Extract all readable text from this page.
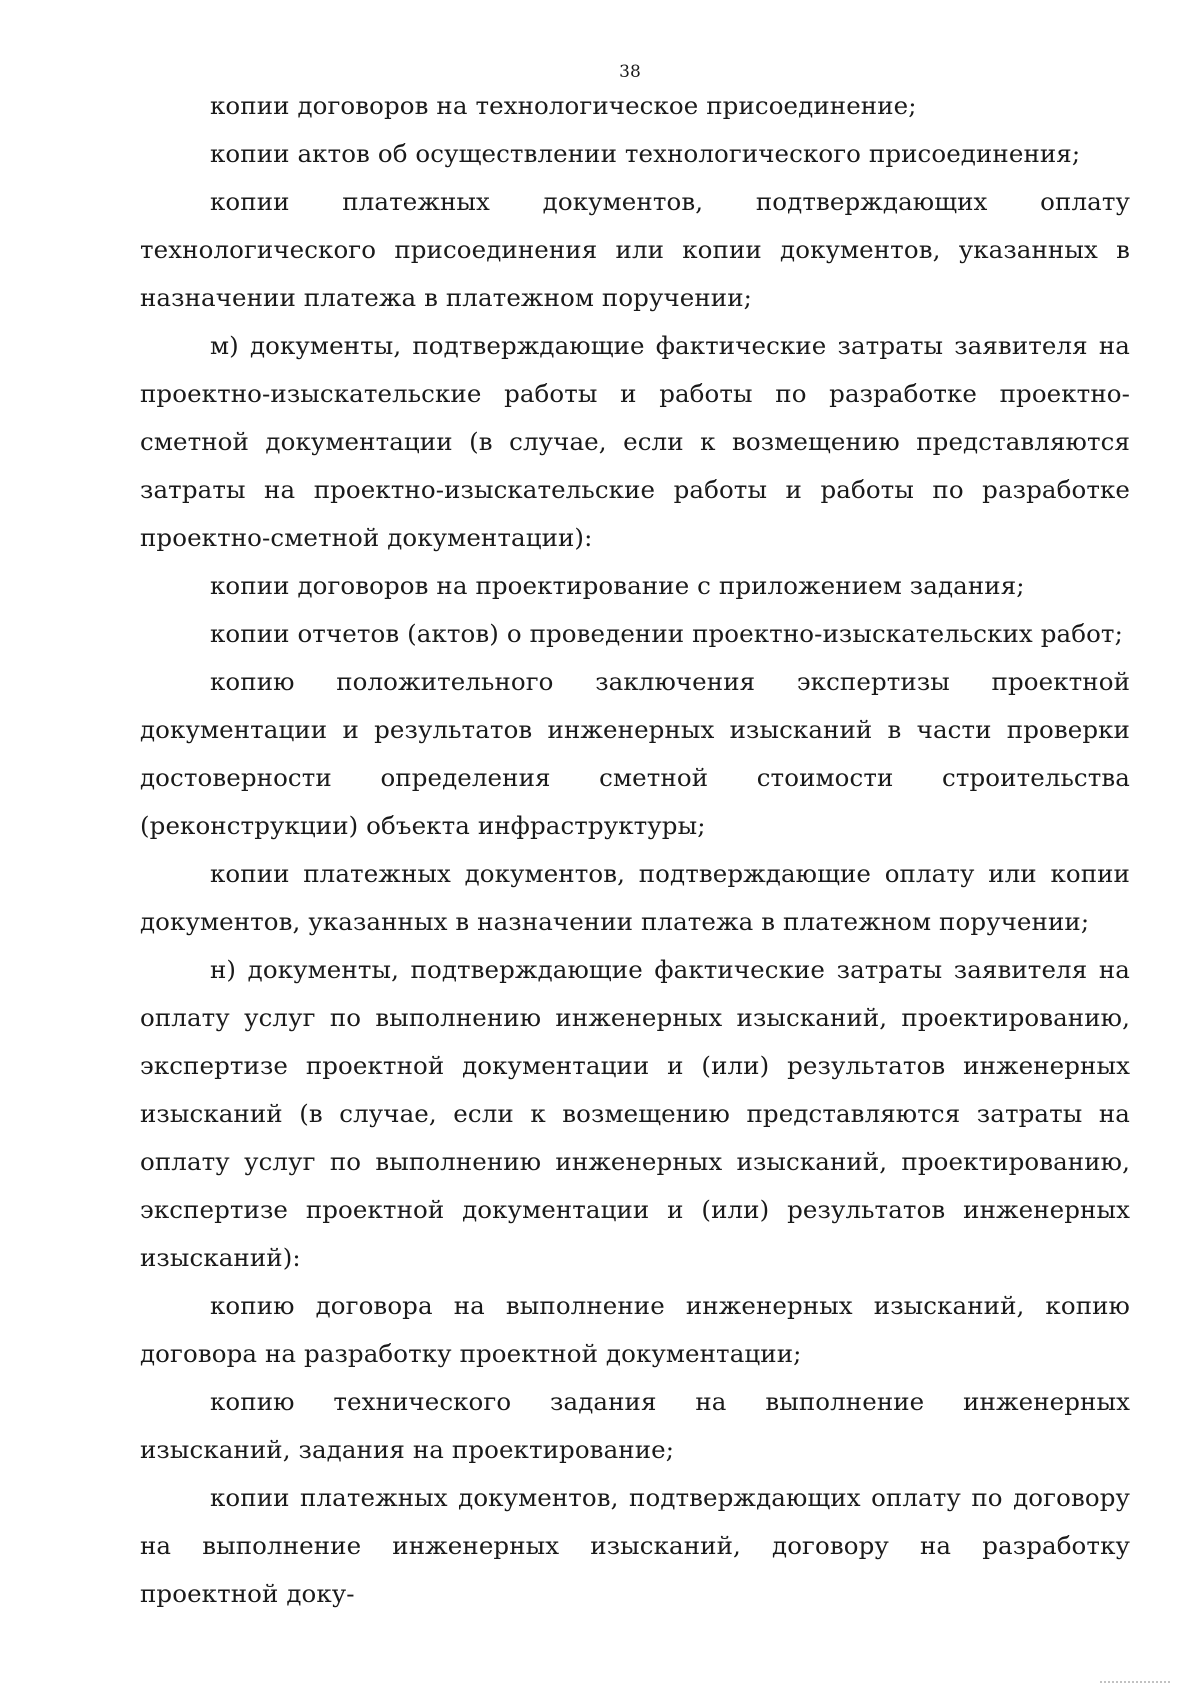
38

копии договоров на технологическое присоединение;

копии актов об осуществлении технологического присоединения;

копии платежных документов, подтверждающих оплату технологического присоединения или копии документов, указанных в назначении платежа в платежном поручении;

м) документы, подтверждающие фактические затраты заявителя на проектно-изыскательские работы и работы по разработке проектно-сметной документации (в случае, если к возмещению представляются затраты на проектно-изыскательские работы и работы по разработке проектно-сметной документации):

копии договоров на проектирование с приложением задания;

копии отчетов (актов) о проведении проектно-изыскательских работ;

копию положительного заключения экспертизы проектной документации и результатов инженерных изысканий в части проверки достоверности определения сметной стоимости строительства (реконструкции) объекта инфраструктуры;

копии платежных документов, подтверждающие оплату или копии документов, указанных в назначении платежа в платежном поручении;

н) документы, подтверждающие фактические затраты заявителя на оплату услуг по выполнению инженерных изысканий, проектированию, экспертизе проектной документации и (или) результатов инженерных изысканий (в случае, если к возмещению представляются затраты на оплату услуг по выполнению инженерных изысканий, проектированию, экспертизе проектной документации и (или) результатов инженерных изысканий):

копию договора на выполнение инженерных изысканий, копию договора на разработку проектной документации;

копию технического задания на выполнение инженерных изысканий, задания на проектирование;

копии платежных документов, подтверждающих оплату по договору на выполнение инженерных изысканий, договору на разработку проектной доку-
